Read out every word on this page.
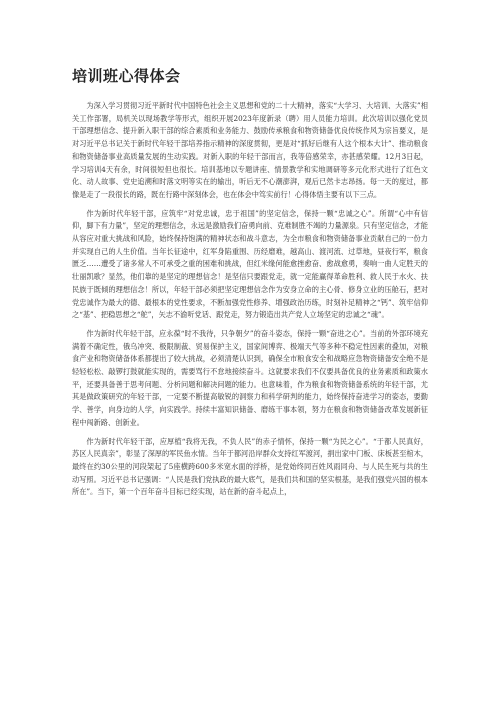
培训班心得体会

为深入学习贯彻习近平新时代中国特色社会主义思想和党的二十大精神，落实“大学习、大培训、大落实”相关工作部署，局机关以现场教学等形式，组织开展2023年度新录（聘）用人员能力培训。此次培训以强化党员干部理想信念、提升新入职干部的综合素质和业务能力、鼓励传承粮食和物资储备优良传统作风为宗旨要义，是对习近平总书记关于新时代年轻干部培养指示精神的深度贯彻，更是对“抓好后继有人这个根本大计”、推动粮食和物资储备事业高质量发展的生动实践。对新入职的年轻干部而言，我等倍感荣幸，亦甚感荣耀。12月3日起，学习培训4天有余，时间很短但也很长。培训基地以专题讲座、情景教学和实地调研等多元化形式进行了红色文化、动人故事、党史追溯和时落文明等实在的输出，听后无不心潮澎湃，观后已然卡志昂扬。每一天的度过，都像是走了一段很长的路，既在行路中深刻体会，也在体会中笃实前行！心得体悟主要有以下三点。

作为新时代年轻干部，应筑牢“对党忠诚，忠于祖国”的坚定信念，保持一颗“忠诚之心”。所谓“心中有信仰，脚下有力量”，坚定的理想信念，永远是激励我们奋勇向前、克难制胜不竭的力量源泉。只有坚定信念，才能从容应对重大挑战和风险，始终保持饱满的精神状态和战斗意志，为全市粮食和物资储备事业贡献自己的一份力并实现自己的人生价值。当年长征途中，红军身陷重围、历经磨难，越高山、渡河流、过草地，昼夜行军，粮食匮乏……遭受了诸多常人不可承受之重的困难和挑战，但红米缘何能愈挫愈奋、愈战愈勇，奏响一曲人定胜天的壮丽凯歌？显然，他们靠的是坚定的理想信念！是坚信只要跟党走，就一定能赢得革命胜利、救人民于水火、扶民族于既倾的理想信念！所以，年轻干部必须把坚定理想信念作为安身立命的主心骨、修身立业的压舱石，把对党忠诚作为最大的德、最根本的党性要求，不断加强党性修养、增强政治历练，时刻补足精神之“钙”、筑牢信仰之“基”、把稳思想之“舵”，矢志不渝听党话、跟党走，努力锻造出共产党人立场坚定的忠诚之“魂”。

作为新时代年轻干部，应永葆“时不我待，只争朝夕”的奋斗姿态，保持一颗“奋进之心”。当前的外部环境充满着不确定性，俄乌冲突、极限制裁、贸易保护主义，国家间博弈、极端天气等多种不稳定性因素的叠加，对粮食产业和物资储备体系都提出了较大挑战，必须清楚认识到，确保全市粮食安全和战略应急物资储备安全绝不是轻轻松松、敲锣打鼓就能实现的，需要骂行不怠地接续奋斗。这就要求我们不仅要具备优良的业务素质和政策水平，还要具备善于思考问题、分析问题和解决问题的能力。也意味着，作为粮食和物资储备系统的年轻干部，尤其是做政策研究的年轻干部，一定要不断提高敏锐的洞察力和科学研判的能力，始终保持奋进学习的姿态，要勤学、善学，向身边的人学，向实践学。持续丰富知识储备、磨练干事本领，努力在粮食和物资储备改革发展新征程中闯新路、创新业。

作为新时代年轻干部，应厚植“我将无我，不负人民”的赤子情怀，保持一颗“为民之心”。“于都人民真好，苏区人民真亲”，彰显了深厚的军民鱼水情。当年于都河沿岸群众支持红军渡河，捐出家中门板、床板甚至棺木，最终在约30公里的河段架起了5座横跨600多米宽水面的浮桥，是党始终同百姓风雨同舟、与人民生死与共的生动写照。习近平总书记强调：“人民是我们党执政的最大底气，是我们共和国的坚实根基，是我们强党兴国的根本所在”。当下，第一个百年奋斗目标已经实现，站在新的奋斗起点上，
